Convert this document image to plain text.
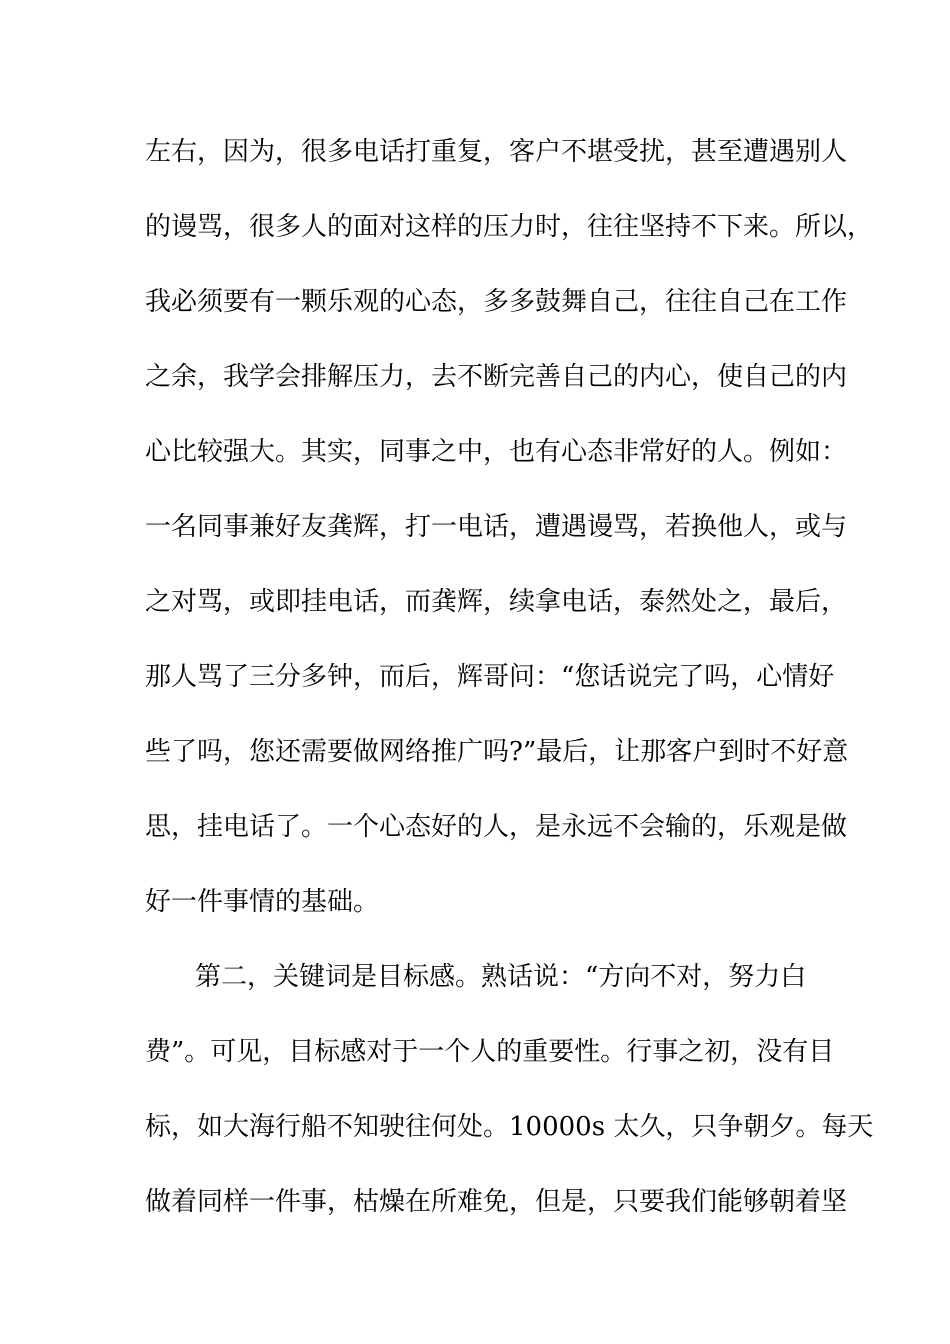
左右，因为，很多电话打重复，客户不堪受扰，甚至遭遇别人
的谩骂，很多人的面对这样的压力时，往往坚持不下来。所以，
我必须要有一颗乐观的心态，多多鼓舞自己，往往自己在工作
之余，我学会排解压力，去不断完善自己的内心，使自己的内
心比较强大。其实，同事之中，也有心态非常好的人。例如：
一名同事兼好友龚辉，打一电话，遭遇谩骂，若换他人，或与
之对骂，或即挂电话，而龚辉，续拿电话，泰然处之，最后，
那人骂了三分多钟，而后，辉哥问：“您话说完了吗，心情好
些了吗，您还需要做网络推广吗?”最后，让那客户到时不好意
思，挂电话了。一个心态好的人，是永远不会输的，乐观是做
好一件事情的基础。
第二，关键词是目标感。熟话说：“方向不对，努力白
费”。可见，目标感对于一个人的重要性。行事之初，没有目
标，如大海行船不知驶往何处。10000s 太久，只争朝夕。每天
做着同样一件事，枯燥在所难免，但是，只要我们能够朝着坚
